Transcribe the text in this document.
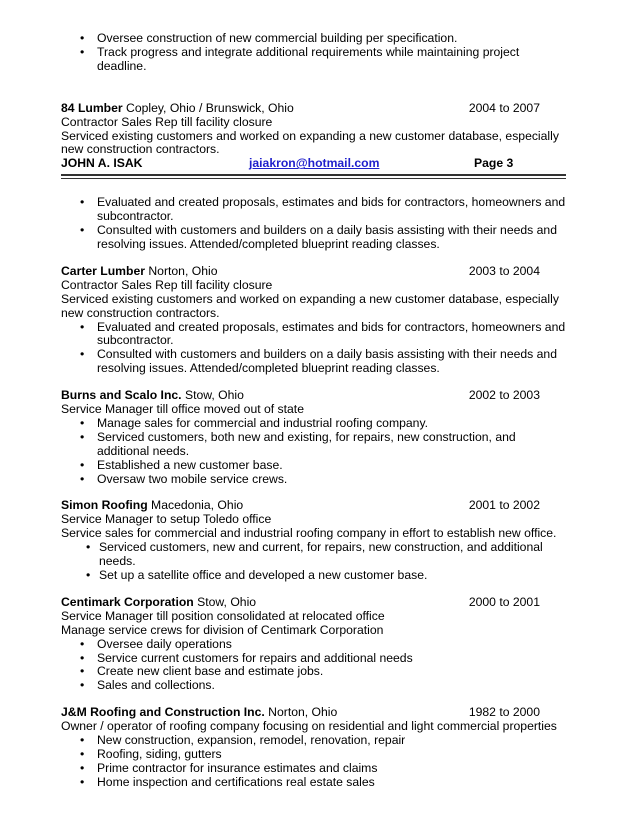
• Oversee construction of new commercial building per specification.
• Track progress and integrate additional requirements while maintaining project deadline.
84 Lumber Copley, Ohio / Brunswick, Ohio	2004 to 2007
Contractor Sales Rep till facility closure
Serviced existing customers and worked on expanding a new customer database, especially new construction contractors.
JOHN A. ISAK	jaiakron@hotmail.com	Page 3
• Evaluated and created proposals, estimates and bids for contractors, homeowners and subcontractor.
• Consulted with customers and builders on a daily basis assisting with their needs and resolving issues. Attended/completed blueprint reading classes.
Carter Lumber Norton, Ohio	2003 to 2004
Contractor Sales Rep till facility closure
Serviced existing customers and worked on expanding a new customer database, especially new construction contractors.
• Evaluated and created proposals, estimates and bids for contractors, homeowners and subcontractor.
• Consulted with customers and builders on a daily basis assisting with their needs and resolving issues. Attended/completed blueprint reading classes.
Burns and Scalo Inc. Stow, Ohio	2002 to 2003
Service Manager till office moved out of state
• Manage sales for commercial and industrial roofing company.
• Serviced customers, both new and existing, for repairs, new construction, and additional needs.
• Established a new customer base.
• Oversaw two mobile service crews.
Simon Roofing Macedonia, Ohio	2001 to 2002
Service Manager to setup Toledo office
Service sales for commercial and industrial roofing company in effort to establish new office.
• Serviced customers, new and current, for repairs, new construction, and additional needs.
• Set up a satellite office and developed a new customer base.
Centimark Corporation Stow, Ohio	2000 to 2001
Service Manager till position consolidated at relocated office
Manage service crews for division of Centimark Corporation
• Oversee daily operations
• Service current customers for repairs and additional needs
• Create new client base and estimate jobs.
• Sales and collections.
J&M Roofing and Construction Inc. Norton, Ohio	1982 to 2000
Owner / operator of roofing company focusing on residential and light commercial properties
• New construction, expansion, remodel, renovation, repair
• Roofing, siding, gutters
• Prime contractor for insurance estimates and claims
• Home inspection and certifications real estate sales
